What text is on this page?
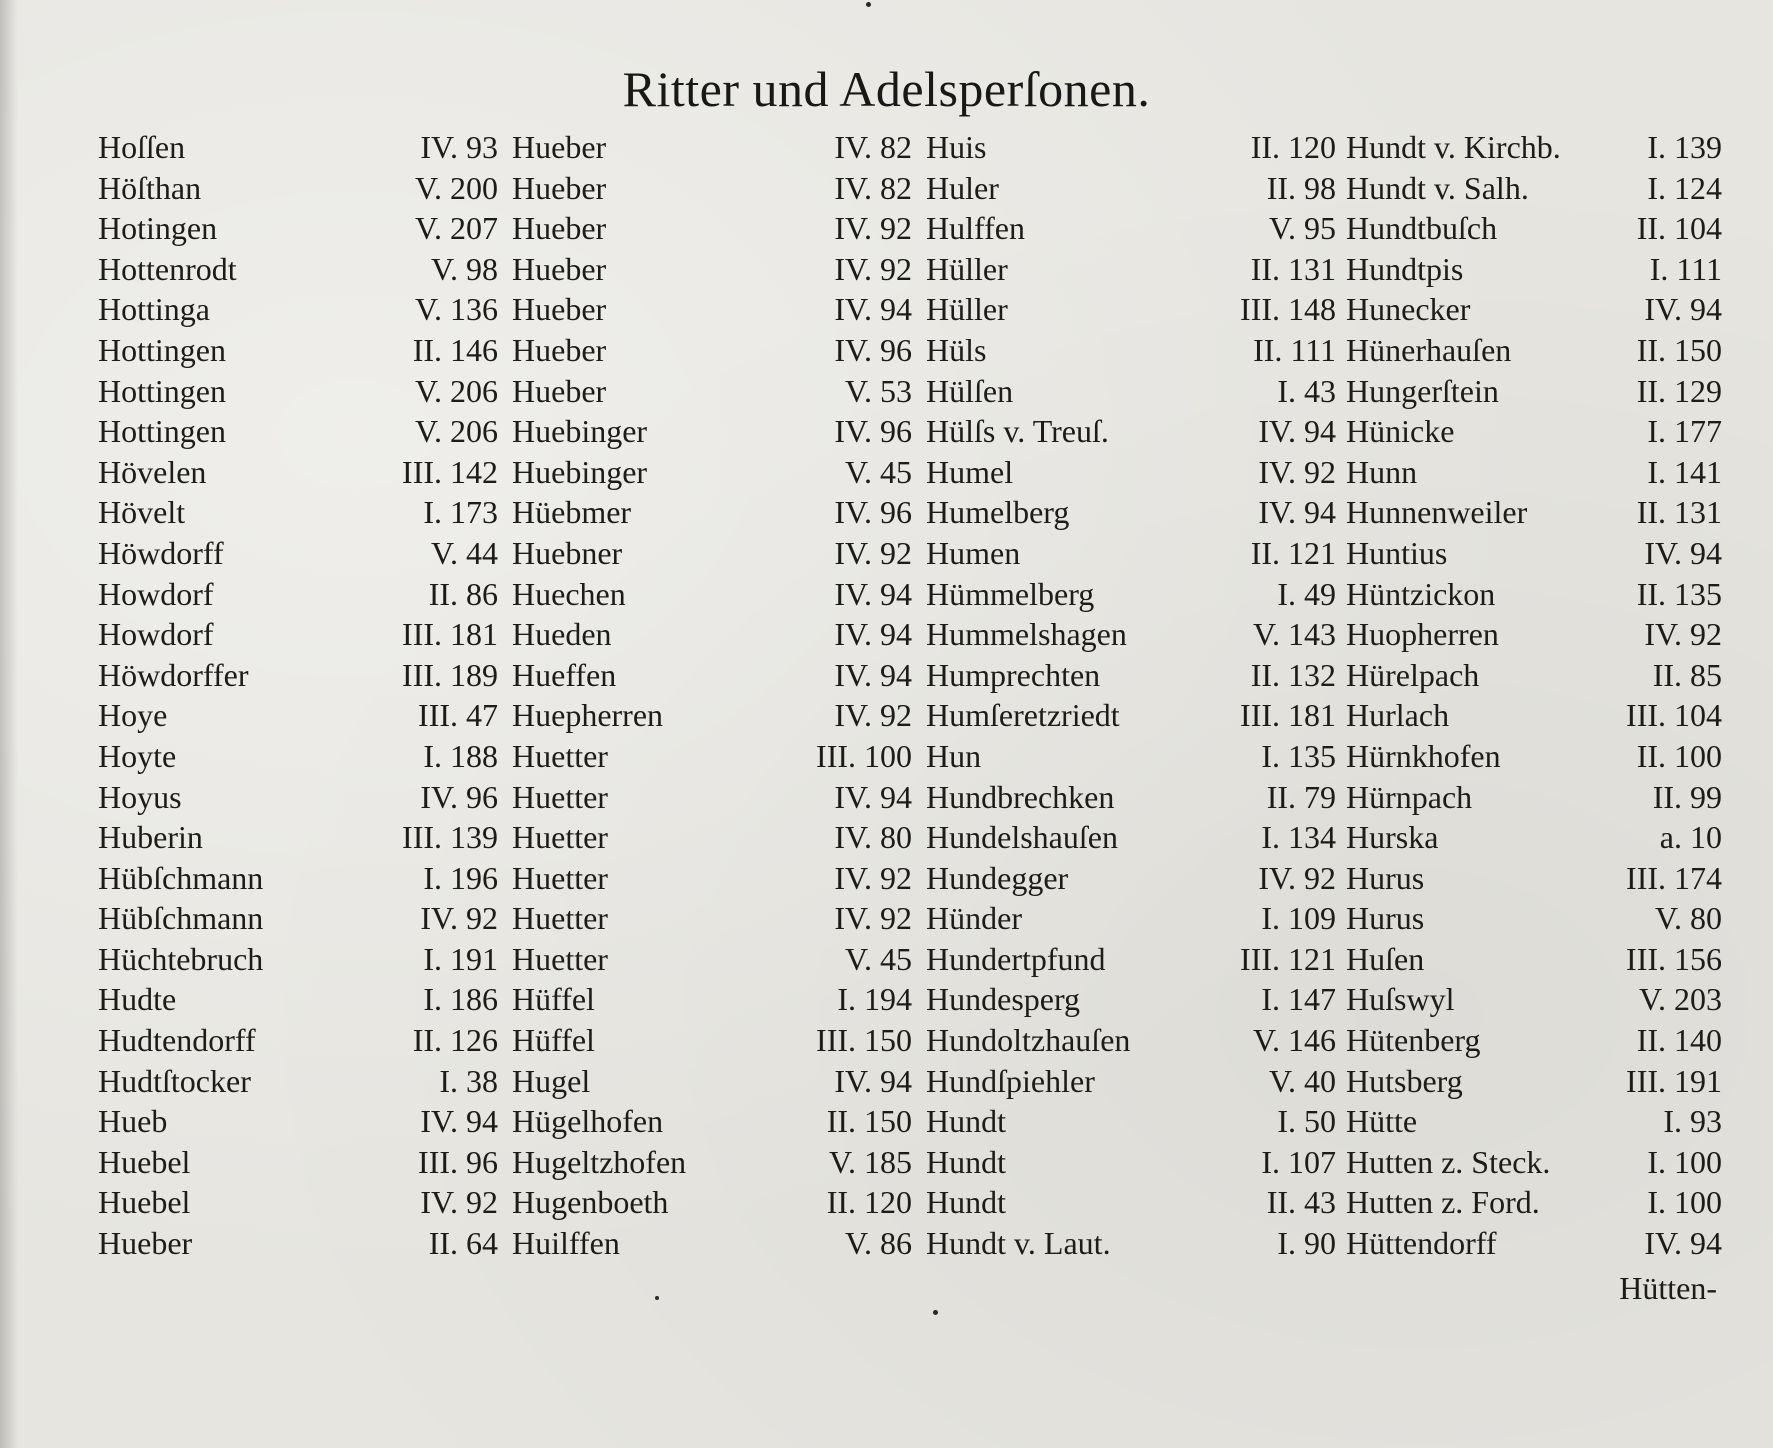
Ritter und Adelsperſonen.
Hoſſen	IV. 93
Höſthan	V. 200
Hotingen	V. 207
Hottenrodt	V. 98
Hottinga	V. 136
Hottingen	II. 146
Hottingen	V. 206
Hottingen	V. 206
Hövelen	III. 142
Hövelt	I. 173
Höwdorff	V. 44
Howdorf	II. 86
Howdorf	III. 181
Höwdorffer	III. 189
Hoye	III. 47
Hoyte	I. 188
Hoyus	IV. 96
Huberin	III. 139
Hübſchmann	I. 196
Hübſchmann	IV. 92
Hüchtebruch	I. 191
Hudte	I. 186
Hudtendorff	II. 126
Hudtſtocker	I. 38
Hueb	IV. 94
Huebel	III. 96
Huebel	IV. 92
Hueber	II. 64
Hueber	IV. 82
Hueber	IV. 82
Hueber	IV. 92
Hueber	IV. 92
Hueber	IV. 94
Hueber	IV. 96
Hueber	V. 53
Huebinger	IV. 96
Huebinger	V. 45
Hüebmer	IV. 96
Huebner	IV. 92
Huechen	IV. 94
Hueden	IV. 94
Hueffen	IV. 94
Huepherren	IV. 92
Huetter	III. 100
Huetter	IV. 94
Huetter	IV. 80
Huetter	IV. 92
Huetter	IV. 92
Huetter	V. 45
Hüffel	I. 194
Hüffel	III. 150
Hugel	IV. 94
Hügelhofen	II. 150
Hugeltzhofen	V. 185
Hugenboeth	II. 120
Huilffen	V. 86
Huis	II. 120
Huler	II. 98
Hulffen	V. 95
Hüller	II. 131
Hüller	III. 148
Hüls	II. 111
Hülſen	I. 43
Hülſs v. Treuſ.	IV. 94
Humel	IV. 92
Humelberg	IV. 94
Humen	II. 121
Hümmelberg	I. 49
Hummelshagen	V. 143
Humprechten	II. 132
Humſeretzriedt	III. 181
Hun	I. 135
Hundbrechken	II. 79
Hundelshauſen	I. 134
Hundegger	IV. 92
Hünder	I. 109
Hundertpfund	III. 121
Hundesperg	I. 147
Hundoltzhauſen	V. 146
Hundſpiehler	V. 40
Hundt	I. 50
Hundt	I. 107
Hundt	II. 43
Hundt v. Laut.	I. 90
Hundt v. Kirchb.	I. 139
Hundt v. Salh.	I. 124
Hundtbuſch	II. 104
Hundtpis	I. 111
Hunecker	IV. 94
Hünerhauſen	II. 150
Hungerſtein	II. 129
Hünicke	I. 177
Hunn	I. 141
Hunnenweiler	II. 131
Huntius	IV. 94
Hüntzickon	II. 135
Huopherren	IV. 92
Hürelpach	II. 85
Hurlach	III. 104
Hürnkhofen	II. 100
Hürnpach	II. 99
Hurska	a. 10
Hurus	III. 174
Hurus	V. 80
Huſen	III. 156
Huſswyl	V. 203
Hütenberg	II. 140
Hutsberg	III. 191
Hütte	I. 93
Hutten z. Steck.	I. 100
Hutten z. Ford.	I. 100
Hüttendorff	IV. 94
Hütten-
